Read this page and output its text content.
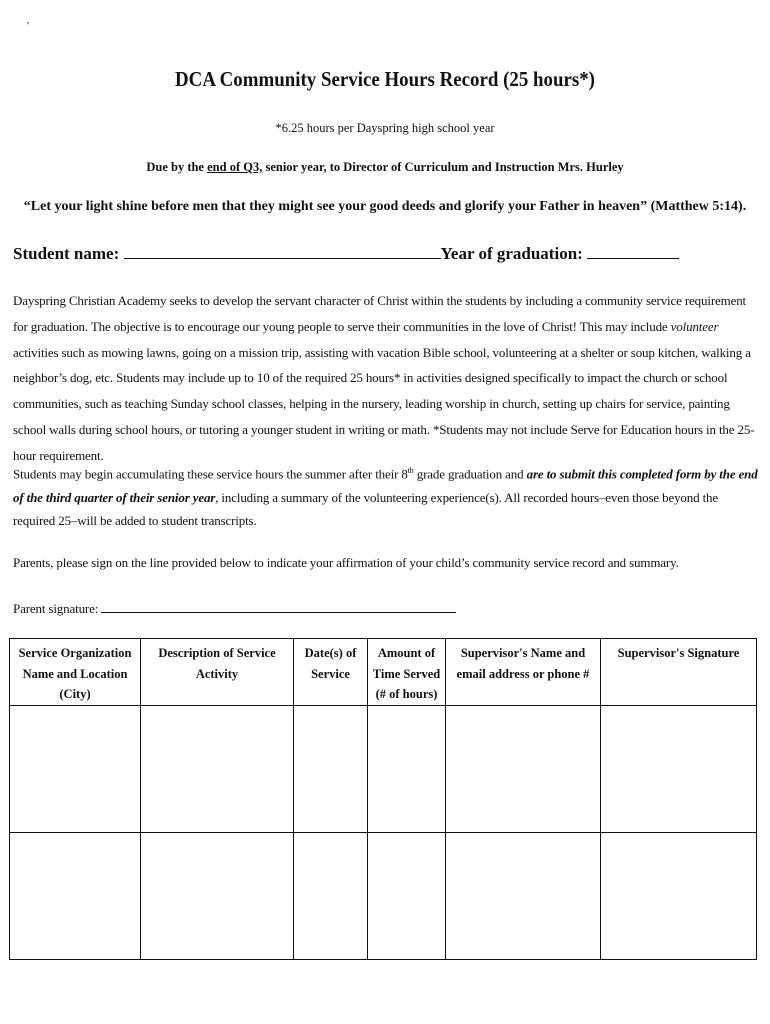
'
DCA Community Service Hours Record (25 hours*)
*6.25 hours per Dayspring high school year
Due by the end of Q3, senior year, to Director of Curriculum and Instruction Mrs. Hurley
“Let your light shine before men that they might see your good deeds and glorify your Father in heaven” (Matthew 5:14).
Student name:	Year of graduation:
Dayspring Christian Academy seeks to develop the servant character of Christ within the students by including a community service requirement for graduation. The objective is to encourage our young people to serve their communities in the love of Christ! This may include volunteer activities such as mowing lawns, going on a mission trip, assisting with vacation Bible school, volunteering at a shelter or soup kitchen, walking a neighbor’s dog, etc. Students may include up to 10 of the required 25 hours* in activities designed specifically to impact the church or school communities, such as teaching Sunday school classes, helping in the nursery, leading worship in church, setting up chairs for service, painting school walls during school hours, or tutoring a younger student in writing or math. *Students may not include Serve for Education hours in the 25-hour requirement.
Students may begin accumulating these service hours the summer after their 8th grade graduation and are to submit this completed form by the end of the third quarter of their senior year, including a summary of the volunteering experience(s). All recorded hours–even those beyond the required 25–will be added to student transcripts.
Parents, please sign on the line provided below to indicate your affirmation of your child’s community service record and summary.
Parent signature:
Service Organization Name and Location (City)	Description of Service Activity	Date(s) of Service	Amount of Time Served (# of hours)	Supervisor's Name and email address or phone #	Supervisor's Signature
